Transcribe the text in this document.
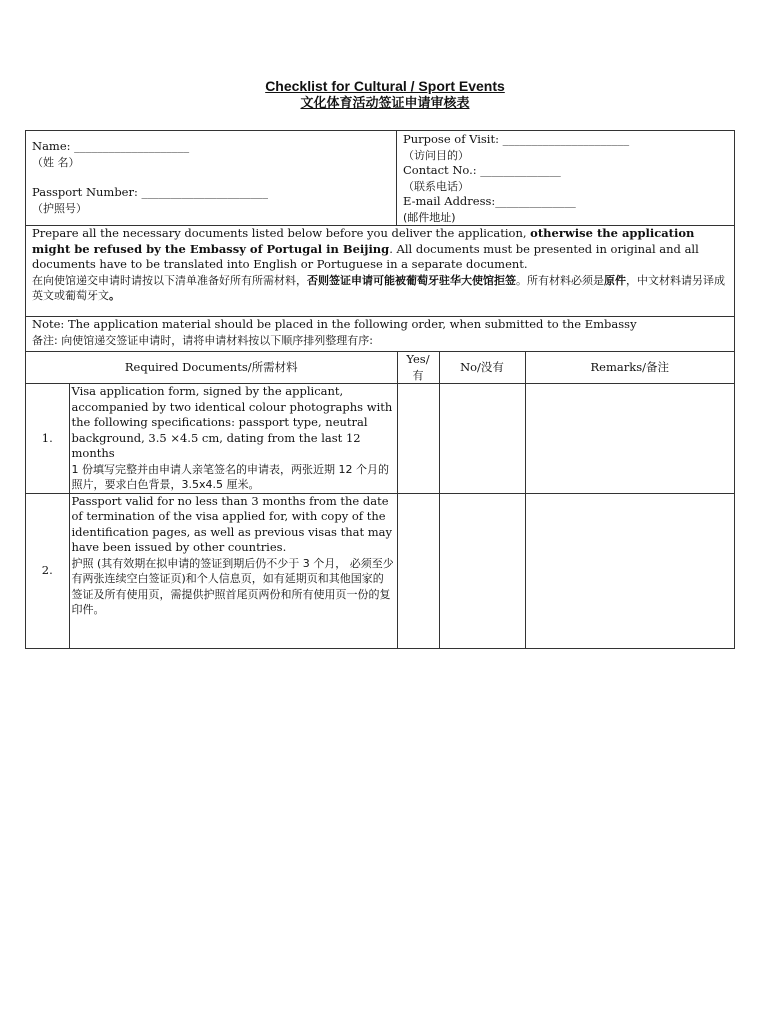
Checklist for Cultural / Sport Events
文化体育活动签证申请审核表
Name: ____________________
（姓 名）
Passport Number: ______________________
（护照号）
Purpose of Visit: ______________________
（访问目的）
Contact No.: ______________
（联系电话）
E-mail Address:______________
(邮件地址)
Prepare all the necessary documents listed below before you deliver the application, otherwise the application might be refused by the Embassy of Portugal in Beijing. All documents must be presented in original and all documents have to be translated into English or Portuguese in a separate document.
在向使馆递交申请时请按以下清单准备好所有所需材料，否则签证申请可能被葡萄牙驻华大使馆拒签。所有材料必须是原件，中文材料请另译成英文或葡萄牙文。
Note: The application material should be placed in the following order, when submitted to the Embassy
备注: 向使馆递交签证申请时，请将申请材料按以下顺序排列整理有序:
Required Documents/所需材料		Yes/
有	No/没有	Remarks/备注
1.	Visa application form, signed by the applicant, accompanied by two identical colour photographs with the following specifications: passport type, neutral background, 3.5 ×4.5 cm, dating from the last 12 months
1 份填写完整并由申请人亲笔签名的申请表，两张近期 12 个月的照片，要求白色背景，3.5x4.5 厘米。			

2.	Passport valid for no less than 3 months from the date of termination of the visa applied for, with copy of the identification pages, as well as previous visas that may have been issued by other countries.
护照 (其有效期在拟申请的签证到期后仍不少于 3 个月， 必须至少有两张连续空白签证页)和个人信息页，如有延期页和其他国家的签证及所有使用页，需提供护照首尾页两份和所有使用页一份的复印件。			
